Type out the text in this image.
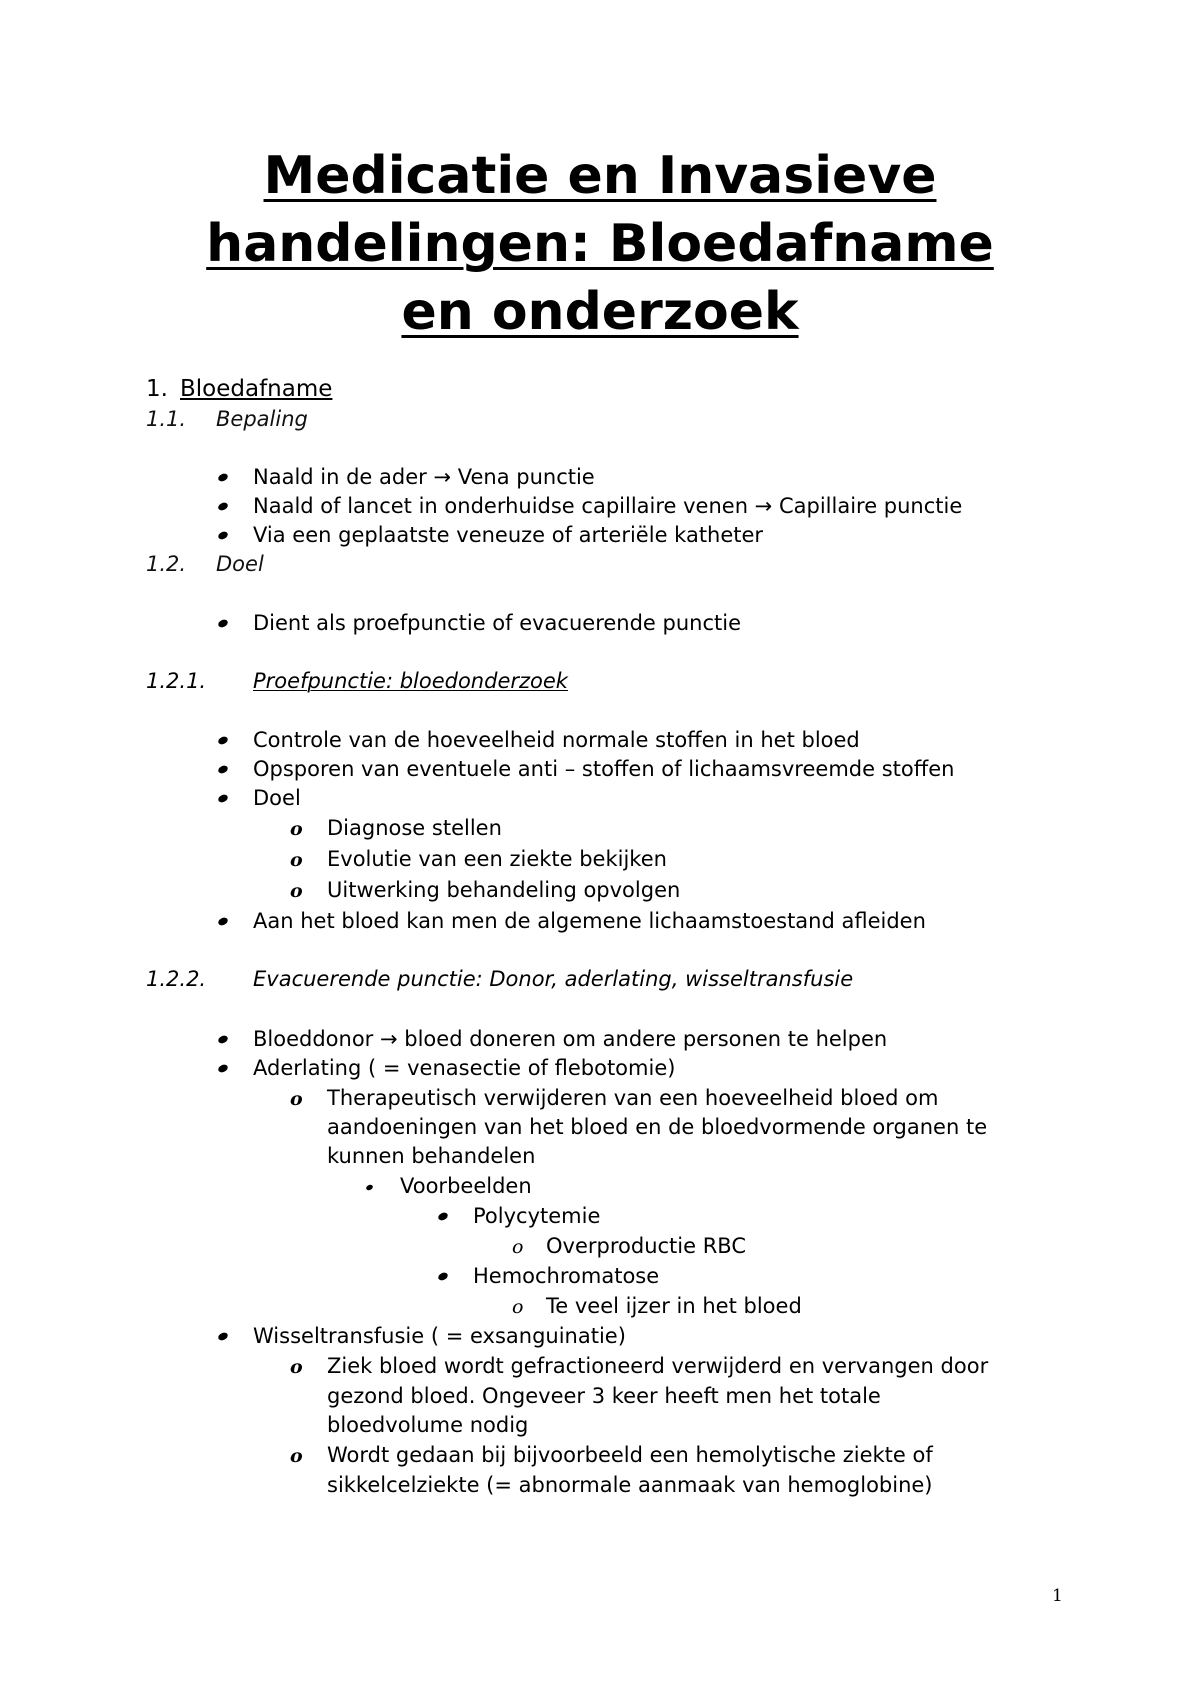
Medicatie en Invasieve
handelingen: Bloedafname
en onderzoek
1. Bloedafname
1.1. Bepaling
Naald in de ader → Vena punctie
Naald of lancet in onderhuidse capillaire venen → Capillaire punctie
Via een geplaatste veneuze of arteriële katheter
1.2. Doel
Dient als proefpunctie of evacuerende punctie
1.2.1. Proefpunctie: bloedonderzoek
Controle van de hoeveelheid normale stoffen in het bloed
Opsporen van eventuele anti – stoffen of lichaamsvreemde stoffen
Doel
o Diagnose stellen
o Evolutie van een ziekte bekijken
o Uitwerking behandeling opvolgen
Aan het bloed kan men de algemene lichaamstoestand afleiden
1.2.2. Evacuerende punctie: Donor, aderlating, wisseltransfusie
Bloeddonor → bloed doneren om andere personen te helpen
Aderlating ( = venasectie of flebotomie)
o Therapeutisch verwijderen van een hoeveelheid bloed om
aandoeningen van het bloed en de bloedvormende organen te
kunnen behandelen
Voorbeelden
Polycytemie
o Overproductie RBC
Hemochromatose
o Te veel ijzer in het bloed
Wisseltransfusie ( = exsanguinatie)
o Ziek bloed wordt gefractioneerd verwijderd en vervangen door
gezond bloed. Ongeveer 3 keer heeft men het totale
bloedvolume nodig
o Wordt gedaan bij bijvoorbeeld een hemolytische ziekte of
sikkelcelziekte (= abnormale aanmaak van hemoglobine)
1
